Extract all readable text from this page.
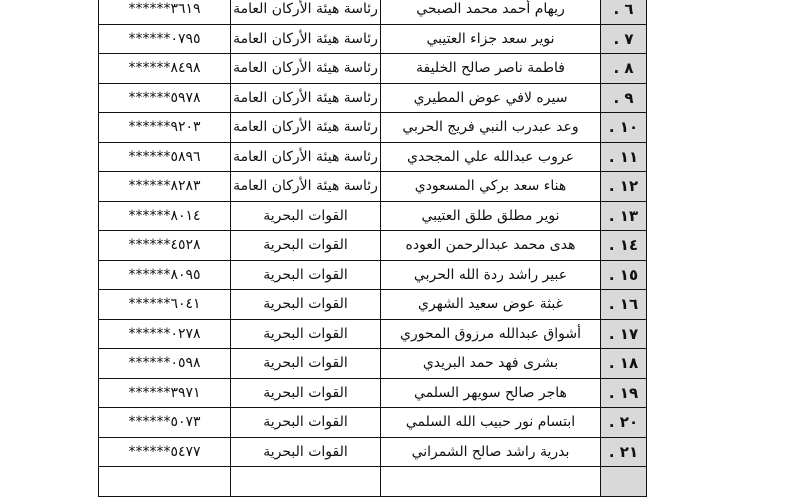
******٣٦١٩	رئاسة هيئة الأركان العامة	ريهام أحمد محمد الصبحي	٦ .
******٠٧٩٥	رئاسة هيئة الأركان العامة	نوير سعد جزاء العتيبي	٧ .
******٨٤٩٨	رئاسة هيئة الأركان العامة	فاطمة ناصر صالح الخليفة	٨ .
******٥٩٧٨	رئاسة هيئة الأركان العامة	سيره لافي عوض المطيري	٩ .
******٩٢٠٣	رئاسة هيئة الأركان العامة	وعد عبدرب النبي فريج الحربي	١٠ .
******٥٨٩٦	رئاسة هيئة الأركان العامة	عروب عبدالله علي المجحدي	١١ .
******٨٢٨٣	رئاسة هيئة الأركان العامة	هناء سعد بركي المسعودي	١٢ .
******٨٠١٤	القوات البحرية	نوير مطلق طلق العتيبي	١٣ .
******٤٥٢٨	القوات البحرية	هدى محمد عبدالرحمن العوده	١٤ .
******٨٠٩٥	القوات البحرية	عبير راشد ردة الله الحربي	١٥ .
******٦٠٤١	القوات البحرية	غبثة عوض سعيد الشهري	١٦ .
******٠٢٧٨	القوات البحرية	أشواق عبدالله مرزوق المحوري	١٧ .
******٠٥٩٨	القوات البحرية	بشرى فهد حمد البريدي	١٨ .
******٣٩٧١	القوات البحرية	هاجر صالح سويهر السلمي	١٩ .
******٥٠٧٣	القوات البحرية	ابتسام نور حبيب الله السلمي	٢٠ .
******٥٤٧٧	القوات البحرية	بدرية راشد صالح الشمراني	٢١ .
